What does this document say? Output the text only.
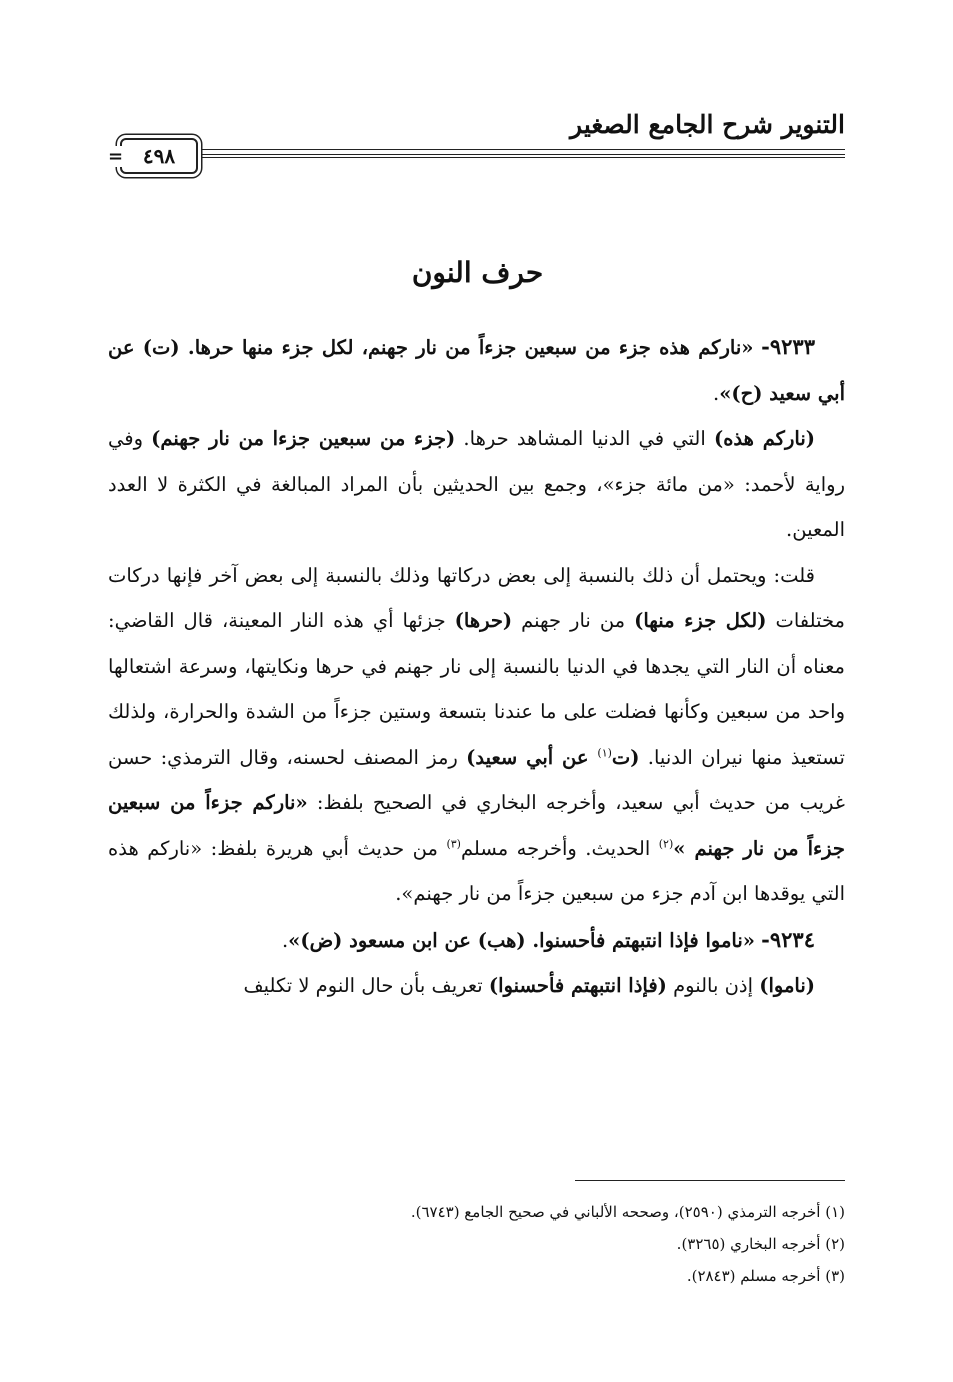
التنوير شرح الجامع الصغير
٤٩٨
=
حرف النون

٩٢٣٣- «ناركم هذه جزء من سبعين جزءاً من نار جهنم، لكل جزء منها حرها. (ت) عن أبي سعيد (ح)».

(ناركم هذه) التي في الدنيا المشاهد حرها. (جزء من سبعين جزءا من نار جهنم) وفي رواية لأحمد: «من مائة جزء»، وجمع بين الحديثين بأن المراد المبالغة في الكثرة لا العدد المعين.

قلت: ويحتمل أن ذلك بالنسبة إلى بعض دركاتها وذلك بالنسبة إلى بعض آخر فإنها دركات مختلفات (لكل جزء منها) من نار جهنم (حرها) جزئها أي هذه النار المعينة، قال القاضي: معناه أن النار التي يجدها في الدنيا بالنسبة إلى نار جهنم في حرها ونكايتها، وسرعة اشتعالها واحد من سبعين وكأنها فضلت على ما عندنا بتسعة وستين جزءاً من الشدة والحرارة، ولذلك تستعيذ منها نيران الدنيا. (ت$^{(١)}$ عن أبي سعيد) رمز المصنف لحسنه، وقال الترمذي: حسن غريب من حديث أبي سعيد، وأخرجه البخاري في الصحيح بلفظ: «ناركم جزءاً من سبعين جزءاً من نار جهنم »$^{(٢)}$ الحديث. وأخرجه مسلم$^{(٣)}$ من حديث أبي هريرة بلفظ: «ناركم هذه التي يوقدها ابن آدم جزء من سبعين جزءاً من نار جهنم».

٩٢٣٤- «ناموا فإذا انتبهتم فأحسنوا. (هب) عن ابن مسعود (ض)».

(ناموا) إذن بالنوم (فإذا انتبهتم فأحسنوا) تعريف بأن حال النوم لا تكليف

(١) أخرجه الترمذي (٢٥٩٠)، وصححه الألباني في صحيح الجامع (٦٧٤٣).
(٢) أخرجه البخاري (٣٢٦٥).
(٣) أخرجه مسلم (٢٨٤٣).
